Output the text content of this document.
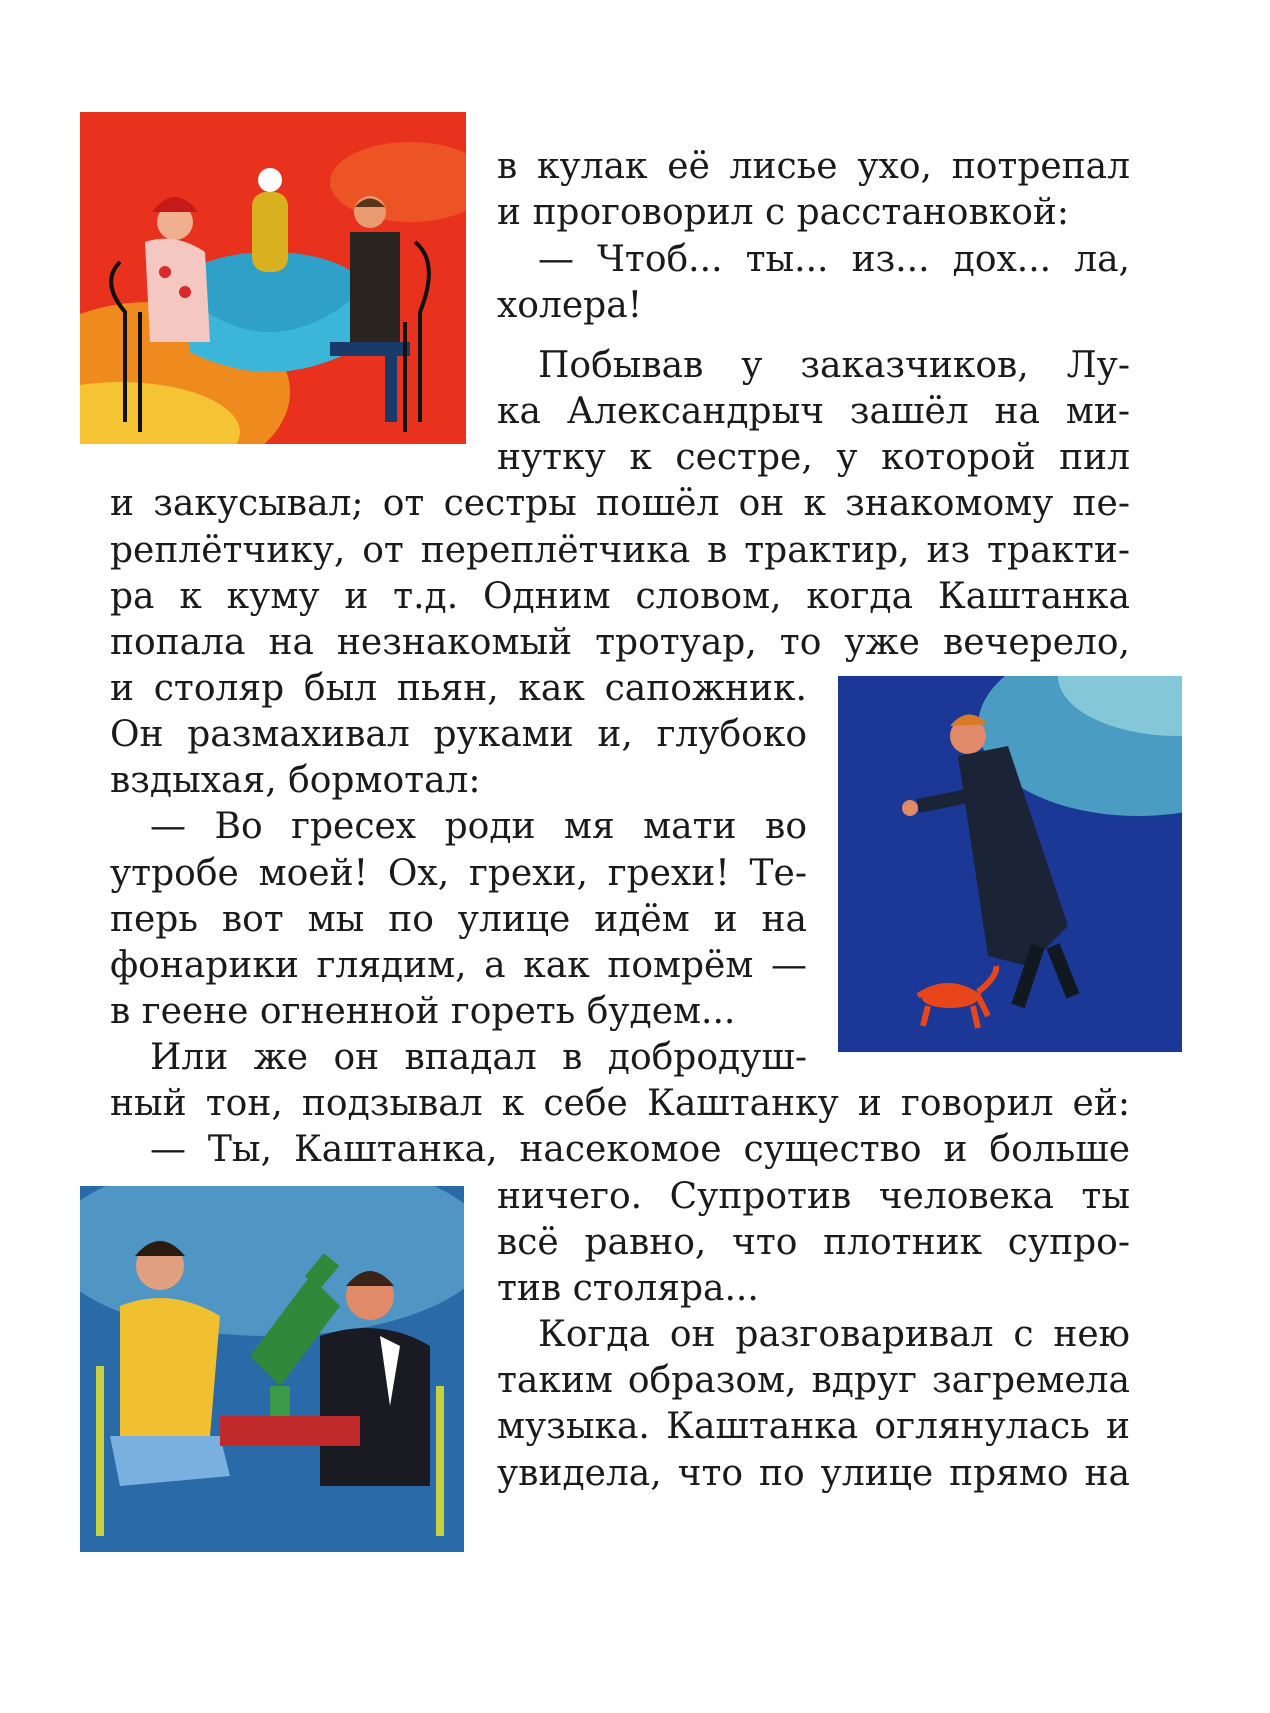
в кулак её лисье ухо, потрепал
и проговорил с расстановкой:
— Чтоб... ты... из... дох... ла,
холера!
Побывав у заказчиков, Лу-
ка Александрыч зашёл на ми-
нутку к сестре, у которой пил
и закусывал; от сестры пошёл он к знакомому пе-
реплётчику, от переплётчика в трактир, из тракти-
ра к куму и т.д. Одним словом, когда Каштанка
попала на незнакомый тротуар, то уже вечерело,
и столяр был пьян, как сапожник.
Он размахивал руками и, глубоко
вздыхая, бормотал:
— Во гресех роди мя мати во
утробе моей! Ох, грехи, грехи! Те-
перь вот мы по улице идём и на
фонарики глядим, а как помрём —
в геене огненной гореть будем...
Или же он впадал в добродуш-
ный тон, подзывал к себе Каштанку и говорил ей:
— Ты, Каштанка, насекомое существо и больше
ничего. Супротив человека ты
всё равно, что плотник супро-
тив столяра...
Когда он разговаривал с нею
таким образом, вдруг загремела
музыка. Каштанка оглянулась и
увидела, что по улице прямо на
